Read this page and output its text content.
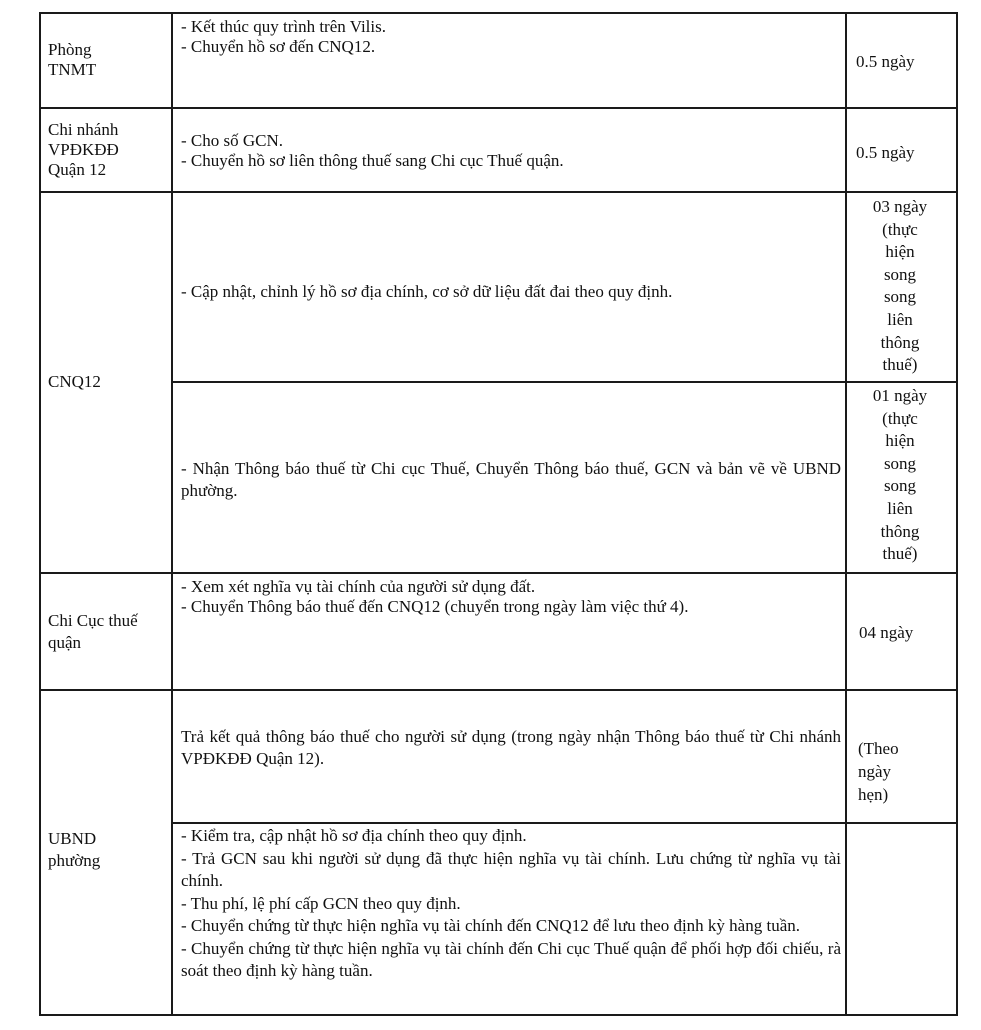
Phòng
TNMT
- Kết thúc quy trình trên Vilis.
- Chuyển hồ sơ đến CNQ12.
0.5 ngày
Chi nhánh
VPĐKĐĐ
Quận 12
- Cho số GCN.
- Chuyển hồ sơ liên thông thuế sang Chi cục Thuế quận.	0.5 ngày
CNQ12
- Cập nhật, chỉnh lý hồ sơ địa chính, cơ sở dữ liệu đất đai theo quy định.
03 ngày
(thực
hiện
song
song
liên
thông
thuế)
- Nhận Thông báo thuế từ Chi cục Thuế, Chuyển Thông báo thuế, GCN và bản vẽ về UBND phường.
01 ngày
(thực
hiện
song
song
liên
thông
thuế)
Chi Cục thuế
quận
- Xem xét nghĩa vụ tài chính của người sử dụng đất.
- Chuyển Thông báo thuế đến CNQ12 (chuyển trong ngày làm việc thứ 4).
04 ngày
UBND
phường
Trả kết quả thông báo thuế cho người sử dụng (trong ngày nhận Thông báo thuế từ Chi nhánh VPĐKĐĐ Quận 12).
(Theo
ngày
hẹn)
- Kiểm tra, cập nhật hồ sơ địa chính theo quy định.
- Trả GCN sau khi người sử dụng đã thực hiện nghĩa vụ tài chính. Lưu chứng từ nghĩa vụ tài chính.
- Thu phí, lệ phí cấp GCN theo quy định.
- Chuyển chứng từ thực hiện nghĩa vụ tài chính đến CNQ12 để lưu theo định kỳ hàng tuần.
- Chuyển chứng từ thực hiện nghĩa vụ tài chính đến Chi cục Thuế quận để phối hợp đối chiếu, rà soát theo định kỳ hàng tuần.
